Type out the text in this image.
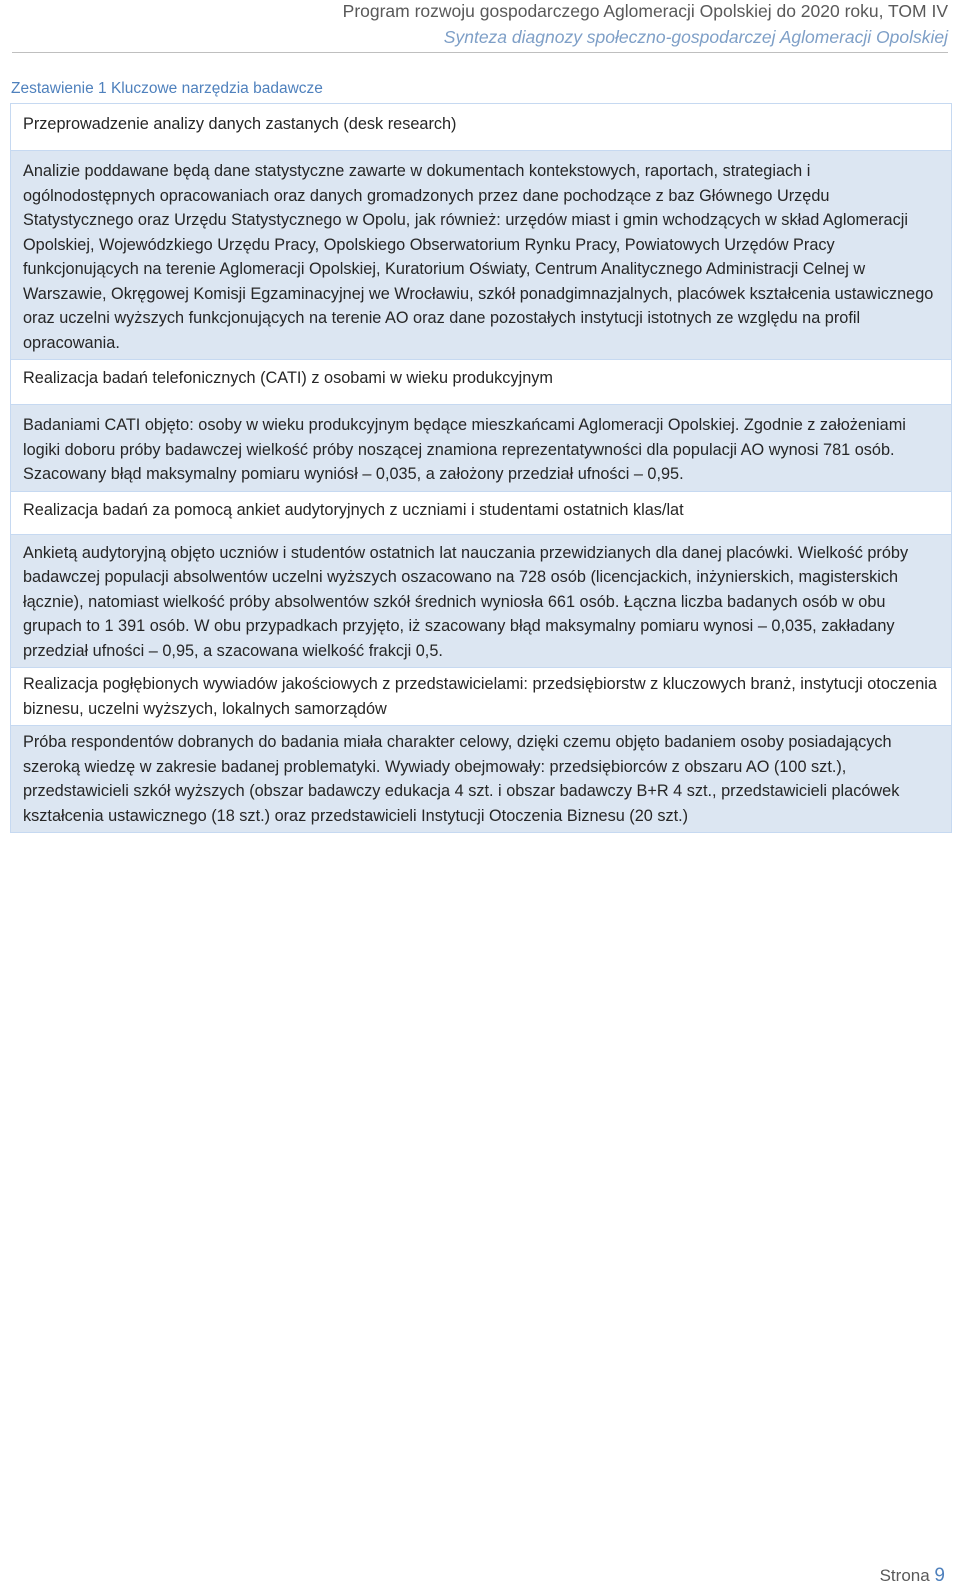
Program rozwoju gospodarczego Aglomeracji Opolskiej do 2020 roku, TOM IV
Synteza diagnozy społeczno-gospodarczej Aglomeracji Opolskiej
Zestawienie 1 Kluczowe narzędzia badawcze
Przeprowadzenie analizy danych zastanych (desk research)
Analizie poddawane będą dane statystyczne zawarte w dokumentach kontekstowych, raportach, strategiach i ogólnodostępnych opracowaniach oraz danych gromadzonych przez dane pochodzące z baz Głównego Urzędu Statystycznego oraz Urzędu Statystycznego w Opolu, jak również: urzędów miast i gmin wchodzących w skład Aglomeracji Opolskiej, Wojewódzkiego Urzędu Pracy, Opolskiego Obserwatorium Rynku Pracy, Powiatowych Urzędów Pracy funkcjonujących na terenie Aglomeracji Opolskiej, Kuratorium Oświaty, Centrum Analitycznego Administracji Celnej w Warszawie, Okręgowej Komisji Egzaminacyjnej we Wrocławiu, szkół ponadgimnazjalnych, placówek kształcenia ustawicznego oraz uczelni wyższych funkcjonujących na terenie AO oraz dane pozostałych instytucji istotnych ze względu na profil opracowania.
Realizacja badań telefonicznych (CATI) z osobami w wieku produkcyjnym
Badaniami CATI objęto: osoby w wieku produkcyjnym będące mieszkańcami Aglomeracji Opolskiej. Zgodnie z założeniami logiki doboru próby badawczej wielkość próby noszącej znamiona reprezentatywności dla populacji AO wynosi 781 osób. Szacowany błąd maksymalny pomiaru wyniósł – 0,035, a założony przedział ufności – 0,95.
Realizacja badań za pomocą ankiet audytoryjnych z uczniami i studentami ostatnich klas/lat
Ankietą audytoryjną objęto uczniów i studentów ostatnich lat nauczania przewidzianych dla danej placówki. Wielkość próby badawczej populacji absolwentów uczelni wyższych oszacowano na 728 osób (licencjackich, inżynierskich, magisterskich łącznie), natomiast wielkość próby absolwentów szkół średnich wyniosła 661 osób. Łączna liczba badanych osób w obu grupach to 1 391 osób. W obu przypadkach przyjęto, iż szacowany błąd maksymalny pomiaru wynosi – 0,035, zakładany przedział ufności – 0,95, a szacowana wielkość frakcji 0,5.
Realizacja pogłębionych wywiadów jakościowych z przedstawicielami: przedsiębiorstw z kluczowych branż, instytucji otoczenia biznesu, uczelni wyższych, lokalnych samorządów
Próba respondentów dobranych do badania miała charakter celowy, dzięki czemu objęto badaniem osoby posiadających szeroką wiedzę w zakresie badanej problematyki. Wywiady obejmowały: przedsiębiorców z obszaru AO (100 szt.), przedstawicieli szkół wyższych (obszar badawczy edukacja 4 szt. i obszar badawczy B+R 4 szt., przedstawicieli placówek kształcenia ustawicznego (18 szt.) oraz przedstawicieli Instytucji Otoczenia Biznesu (20 szt.)
Strona 9
